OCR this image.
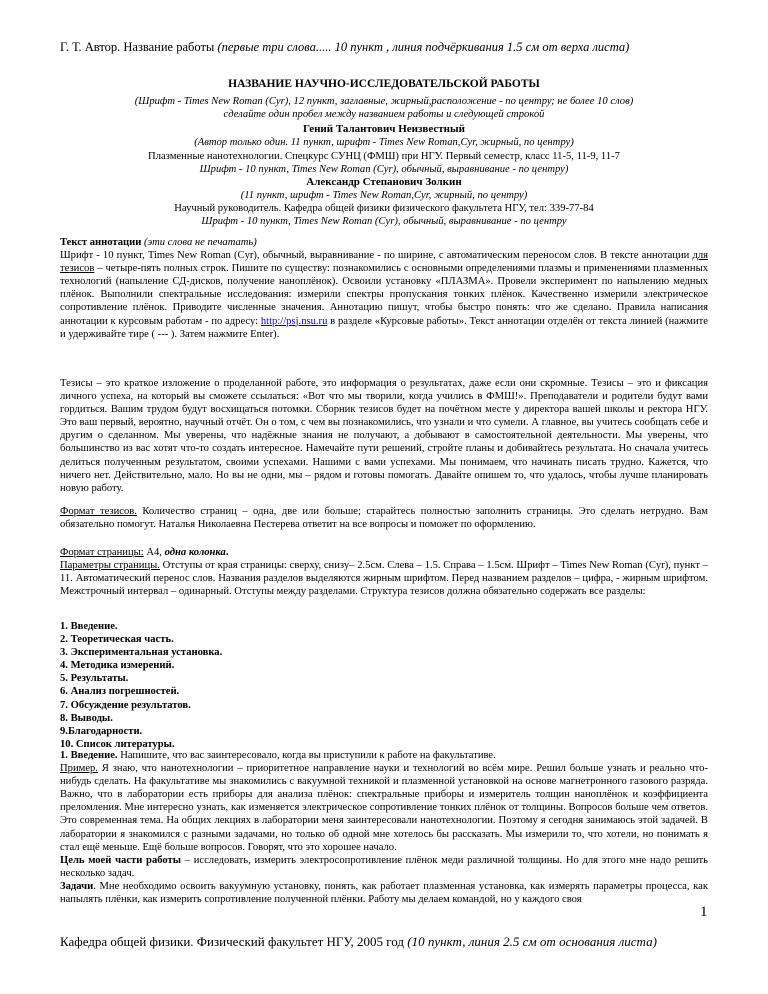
Г. Т. Автор. Название работы (первые три слова..... 10 пункт , линия подчёркивания 1.5 см от верха листа)

НАЗВАНИЕ НАУЧНО-ИССЛЕДОВАТЕЛЬСКОЙ РАБОТЫ

(Шрифт - Times New Roman (Cyr), 12 пункт, заглавные, жирный,расположение - по центру; не более 10 слов)

сделайте один пробел между названием работы и следующей строкой

Гений Талантович Неизвестный

(Автор только один. 11 пункт, шрифт - Times New Roman,Cyr, жирный, по центру)

Плазменные нанотехнологии. Спецкурс СУНЦ (ФМШ) при НГУ. Первый семестр, класс 11-5, 11-9, 11-7

Шрифт - 10 пункт, Times New Roman (Cyr), обычный, выравнивание - по центру)

Александр Степанович Золкин

(11 пункт, шрифт - Times New Roman,Cyr, жирный, по центру)

Научный руководитель. Кафедра общей физики физического факультета НГУ, тел: 339-77-84

Шрифт - 10 пункт, Times New Roman (Cyr), обычный, выравнивание - по центру

Текст аннотации (эти слова не печатать)

Шрифт - 10 пункт, Times New Roman (Cyr), обычный, выравнивание - по ширине, с автоматическим переносом слов. В тексте аннотации для тезисов – четыре-пять полных строк. Пишите по существу: познакомились с основными определениями плазмы и применениями плазменных технологий (напыление СД-дисков, получение наноплёнок). Освоили установку «ПЛАЗМА». Провели эксперимент по напылению медных плёнок. Выполнили спектральные исследования: измерили спектры пропускания тонких плёнок. Качественно измерили электрическое сопротивление плёнок. Приводите численные значения. Аннотацию пишут, чтобы быстро понять: что же сделано. Правила написания аннотации к курсовым работам - по адресу: http://psj.nsu.ru в разделе «Курсовые работы». Текст аннотации отделён от текста линией (нажмите и удерживайте тире ( --- ). Затем нажмите Enter).

Тезисы – это краткое изложение о проделанной работе, это информация о результатах, даже если они скромные. Тезисы – это и фиксация личного успеха, на который вы сможете ссылаться: «Вот что мы творили, когда учились в ФМШ!». Преподаватели и родители будут вами гордиться. Вашим трудом будут восхищаться потомки. Сборник тезисов будет на почётном месте у директора вашей школы и ректора НГУ. Это ваш первый, вероятно, научный отчёт. Он о том, с чем вы познакомились, что узнали и что сумели. А главное, вы учитесь сообщать себе и другим о сделанном. Мы уверены, что надёжные знания не получают, а добывают в самостоятельной деятельности. Мы уверены, что большинство из вас хотят что-то создать интересное. Намечайте пути решений, стройте планы и добивайтесь результата. Но сначала учитесь делиться полученным результатом, своими успехами. Нашими с вами успехами. Мы понимаем, что начинать писать трудно. Кажется, что ничего нет. Действительно, мало. Но вы не одни, мы – рядом и готовы помогать. Давайте опишем то, что удалось, чтобы лучше планировать новую работу.
Формат тезисов. Количество страниц – одна, две или больше; старайтесь полностью заполнить страницы. Это сделать нетрудно. Вам обязательно помогут. Наталья Николаевна Пестерева ответит на все вопросы и поможет по оформлению.

Формат страницы: А4, одна колонка.

Параметры страницы. Отступы от края страницы: сверху, снизу– 2.5см. Слева – 1.5. Справа – 1.5см. Шрифт – Times New Roman (Cyr), пункт – 11. Автоматический перенос слов. Названия разделов выделяются жирным шрифтом. Перед названием разделов – цифра, - жирным шрифтом. Межстрочный интервал – одинарный. Отступы между разделами. Структура тезисов должна обязательно содержать все разделы:

1. Введение.
2. Теоретическая часть.
3. Экспериментальная установка.
4. Методика измерений.
5. Результаты.
6. Анализ погрешностей.
7. Обсуждение результатов.
8. Выводы.
9.Благодарности.
10. Список литературы.

1. Введение. Напишите, что вас заинтересовало, когда вы приступили к работе на факультативе.

Пример. Я знаю, что нанотехнологии – приоритетное направление науки и технологий во всём мире. Решил больше узнать и реально что-нибудь сделать. На факультативе мы знакомились с вакуумной техникой и плазменной установкой на основе магнетронного газового разряда. Важно, что в лаборатории есть приборы для анализа плёнок: спектральные приборы и измеритель толщин наноплёнок и коэффициента преломления. Мне интересно узнать, как изменяется электрическое сопротивление тонких плёнок от толщины. Вопросов больше чем ответов. Это современная тема. На общих лекциях в лаборатории меня заинтересовали нанотехнологии. Поэтому я сегодня занимаюсь этой задачей. В лаборатории я знакомился с разными задачами, но только об одной мне хотелось бы рассказать. Мы измерили то, что хотели, но понимать я стал ещё меньше. Ещё больше вопросов. Говорят, что это хорошее начало.

Цель моей части работы – исследовать, измерить электросопротивление плёнок меди различной толщины. Но для этого мне надо решить несколько задач.

Задачи. Мне необходимо освоить вакуумную установку, понять, как работает плазменная установка, как измерять параметры процесса, как напылять плёнки, как измерить сопротивление полученной плёнки. Работу мы делаем командой, но у каждого своя

1
Кафедра общей физики. Физический факультет НГУ, 2005 год (10 пункт, линия 2.5 см от основания листа)
